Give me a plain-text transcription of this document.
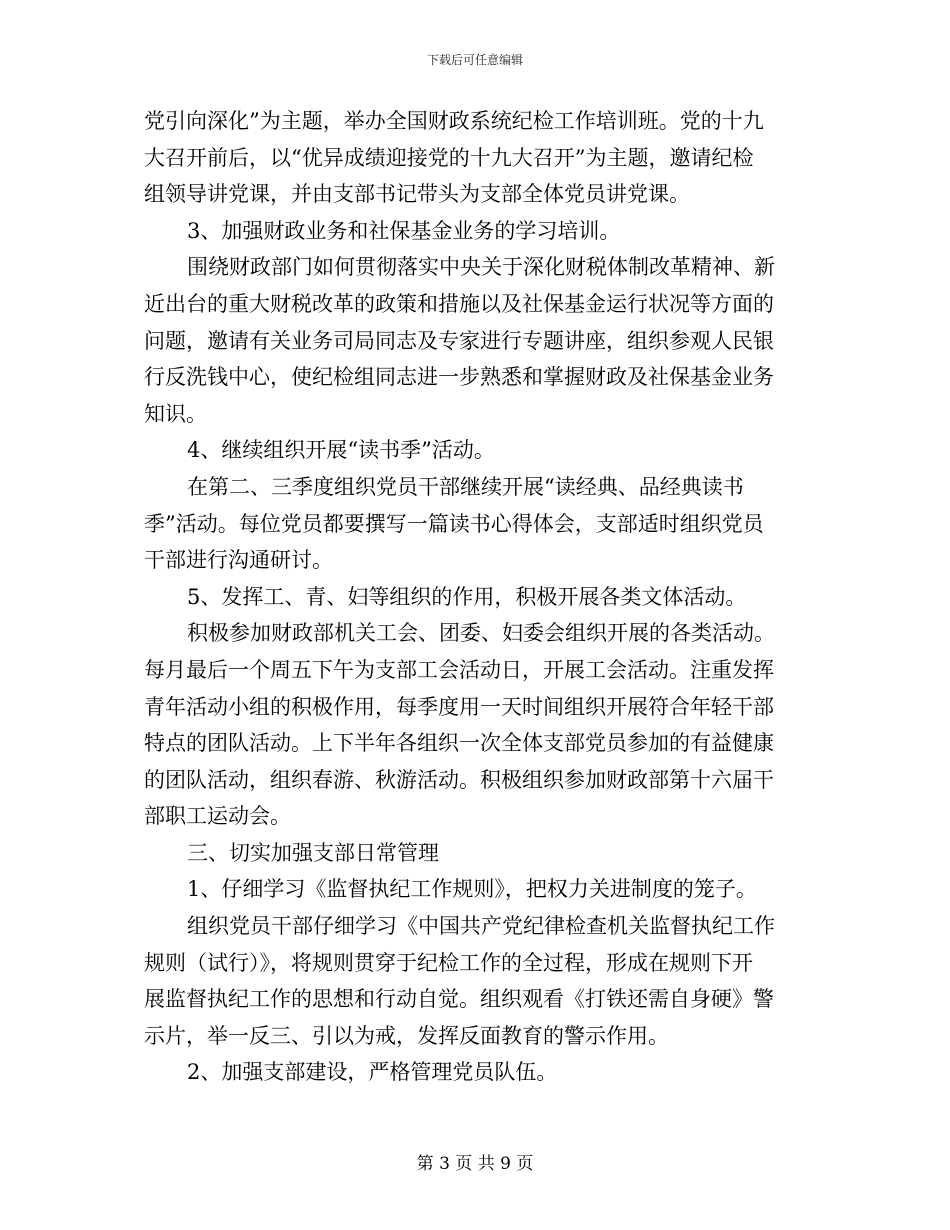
下载后可任意编辑
党引向深化”为主题，举办全国财政系统纪检工作培训班。党的十九
大召开前后，以“优异成绩迎接党的十九大召开”为主题，邀请纪检
组领导讲党课，并由支部书记带头为支部全体党员讲党课。
3、加强财政业务和社保基金业务的学习培训。
围绕财政部门如何贯彻落实中央关于深化财税体制改革精神、新
近出台的重大财税改革的政策和措施以及社保基金运行状况等方面的
问题，邀请有关业务司局同志及专家进行专题讲座，组织参观人民银
行反洗钱中心，使纪检组同志进一步熟悉和掌握财政及社保基金业务
知识。
4、继续组织开展“读书季”活动。
在第二、三季度组织党员干部继续开展“读经典、品经典读书
季”活动。每位党员都要撰写一篇读书心得体会，支部适时组织党员
干部进行沟通研讨。
5、发挥工、青、妇等组织的作用，积极开展各类文体活动。
积极参加财政部机关工会、团委、妇委会组织开展的各类活动。
每月最后一个周五下午为支部工会活动日，开展工会活动。注重发挥
青年活动小组的积极作用，每季度用一天时间组织开展符合年轻干部
特点的团队活动。上下半年各组织一次全体支部党员参加的有益健康
的团队活动，组织春游、秋游活动。积极组织参加财政部第十六届干
部职工运动会。
三、切实加强支部日常管理
1、仔细学习《监督执纪工作规则》，把权力关进制度的笼子。
组织党员干部仔细学习《中国共产党纪律检查机关监督执纪工作
规则（试行）》，将规则贯穿于纪检工作的全过程，形成在规则下开
展监督执纪工作的思想和行动自觉。组织观看《打铁还需自身硬》警
示片，举一反三、引以为戒，发挥反面教育的警示作用。
2、加强支部建设，严格管理党员队伍。
第 3 页 共 9 页
